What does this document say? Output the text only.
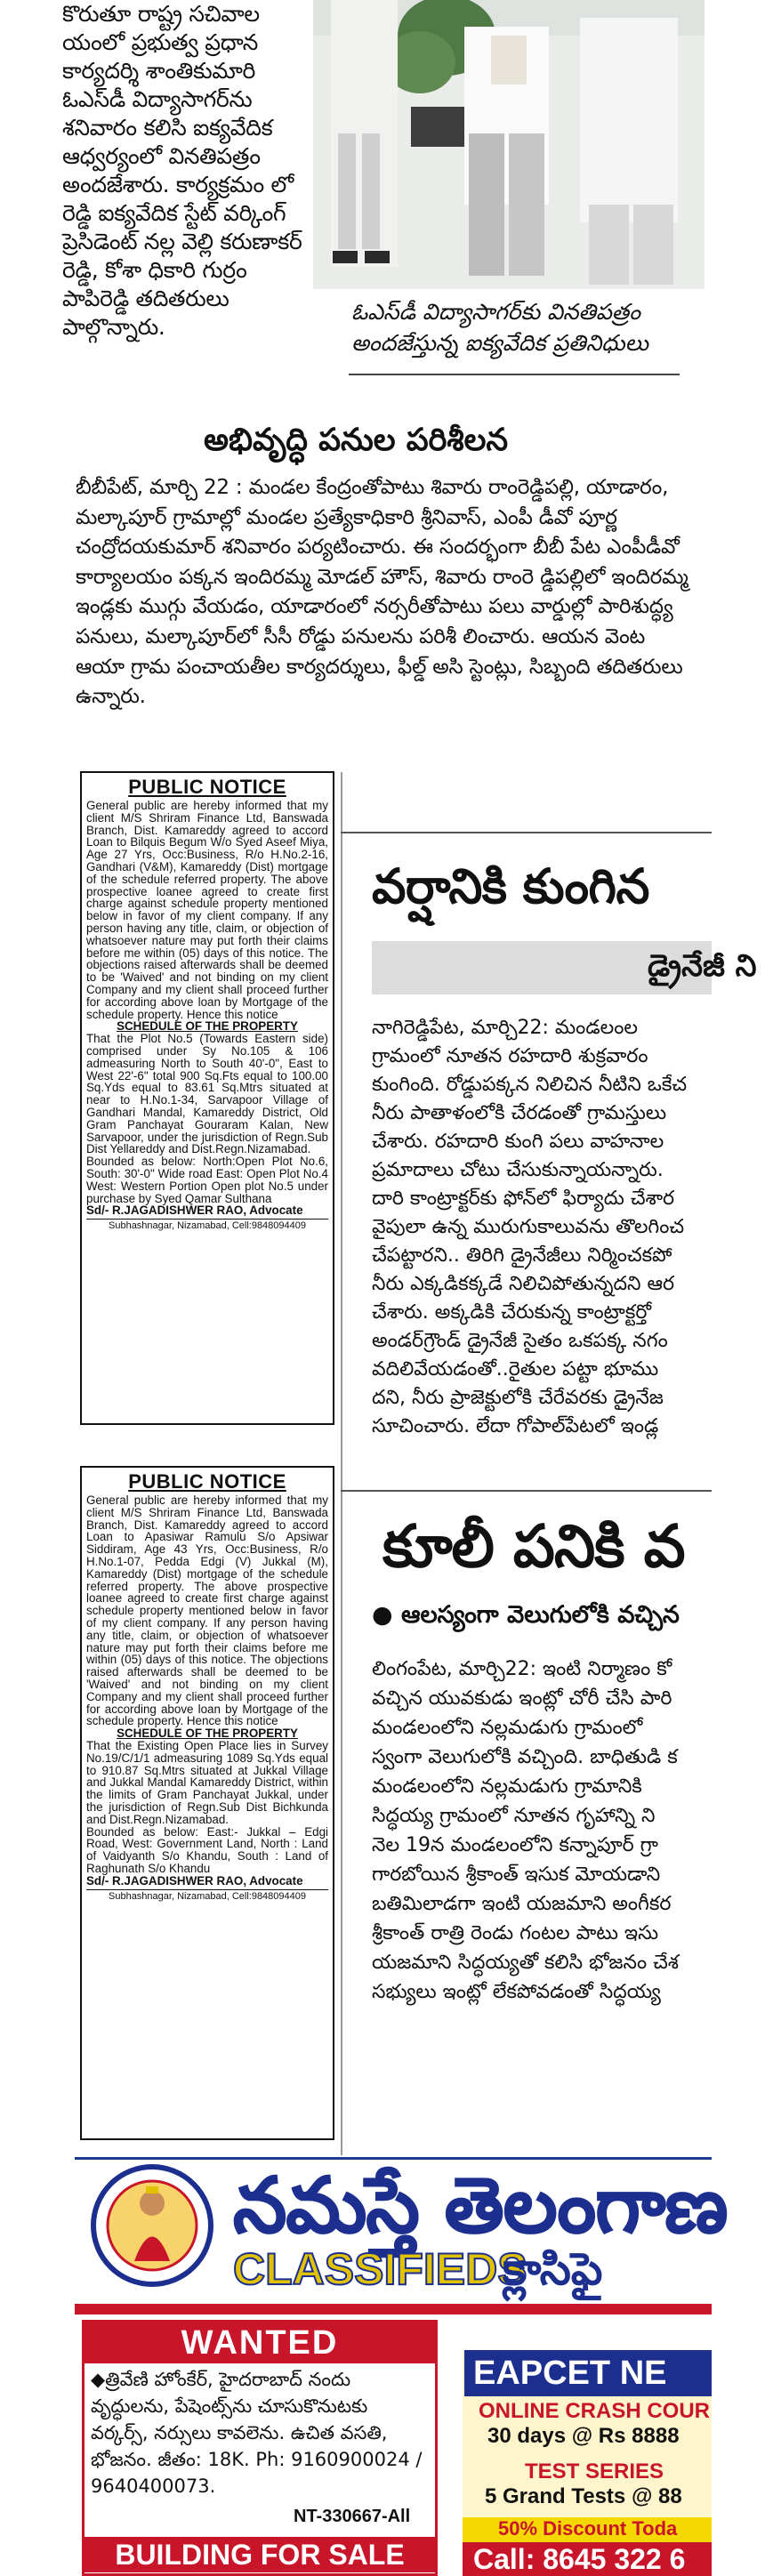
కొరుతూ రాష్ట్ర సచివాల యంలో ప్రభుత్వ ప్రధాన కార్యదర్శి శాంతికుమారి ఓఎస్‌డీ విద్యాసాగర్‌ను శనివారం కలిసి ఐక్యవేదిక ఆధ్వర్యంలో వినతిపత్రం అందజేశారు. కార్యక్రమం లో రెడ్డి ఐక్యవేదిక స్టేట్ వర్కింగ్ ప్రెసిడెంట్ నల్ల వెల్లి కరుణాకర్ రెడ్డి, కోశా ధికారి గుర్రం పాపిరెడ్డి తదితరులు పాల్గొన్నారు.
ఓఎస్‌డీ విద్యాసాగర్‌కు వినతిపత్రం అందజేస్తున్న ఐక్యవేదిక ప్రతినిధులు
అభివృద్ధి పనుల పరిశీలన
బీబీపేట్, మార్చి 22 : మండల కేంద్రంతోపాటు శివారు రాంరెడ్డిపల్లి, యాడారం, మల్కాపూర్ గ్రామాల్లో మండల ప్రత్యేకాధికారి శ్రీనివాస్, ఎంపీ డీవో పూర్ణ చంద్రోదయకుమార్ శనివారం పర్యటించారు. ఈ సందర్భంగా బీబీ పేట ఎంపీడీవో కార్యాలయం పక్కన ఇందిరమ్మ మోడల్ హౌస్, శివారు రాంరె డ్డిపల్లిలో ఇందిరమ్మ ఇండ్లకు ముగ్గు వేయడం, యాడారంలో నర్సరీతోపాటు పలు వార్డుల్లో పారిశుద్ధ్య పనులు, మల్కాపూర్‌లో సీసీ రోడ్డు పనులను పరిశీ లించారు. ఆయన వెంట ఆయా గ్రామ పంచాయతీల కార్యదర్శులు, ఫీల్డ్ అసి స్టెంట్లు, సిబ్బంది తదితరులు ఉన్నారు.
PUBLIC NOTICE
General public are hereby informed that my client M/S Shriram Finance Ltd, Banswada Branch, Dist. Kamareddy agreed to accord Loan to Bilquis Begum W/o Syed Aseef Miya, Age 27 Yrs, Occ:Business, R/o H.No.2-16, Gandhari (V&M), Kamareddy (Dist) mortgage of the schedule referred property. The above prospective loanee agreed to create first charge against schedule property mentioned below in favor of my client company. If any person having any title, claim, or objection of whatsoever nature may put forth their claims before me within (05) days of this notice. The objections raised afterwards shall be deemed to be 'Waived' and not binding on my client Company and my client shall proceed further for according above loan by Mortgage of the schedule property. Hence this notice
SCHEDULE OF THE PROPERTY
That the Plot No.5 (Towards Eastern side) comprised under Sy No.105 & 106 admeasuring North to South 40'-0", East to West 22'-6" total 900 Sq.Fts equal to 100.00 Sq.Yds equal to 83.61 Sq.Mtrs situated at near to H.No.1-34, Sarvapoor Village of Gandhari Mandal, Kamareddy District, Old Gram Panchayat Gouraram Kalan, New Sarvapoor, under the jurisdiction of Regn.Sub Dist Yellareddy and Dist.Regn.Nizamabad.
Bounded as below: North:Open Plot No.6, South: 30'-0" Wide road East: Open Plot No.4 West: Western Portion Open plot No.5 under purchase by Syed Qamar Sulthana
Sd/- R.JAGADISHWER RAO, Advocate
Subhashnagar, Nizamabad, Cell:9848094409
PUBLIC NOTICE
General public are hereby informed that my client M/S Shriram Finance Ltd, Banswada Branch, Dist. Kamareddy agreed to accord Loan to Apasiwar Ramulu S/o Apsiwar Siddiram, Age 43 Yrs, Occ:Business, R/o H.No.1-07, Pedda Edgi (V) Jukkal (M), Kamareddy (Dist) mortgage of the schedule referred property. The above prospective loanee agreed to create first charge against schedule property mentioned below in favor of my client company. If any person having any title, claim, or objection of whatsoever nature may put forth their claims before me within (05) days of this notice. The objections raised afterwards shall be deemed to be 'Waived' and not binding on my client Company and my client shall proceed further for according above loan by Mortgage of the schedule property. Hence this notice
SCHEDULE OF THE PROPERTY
That the Existing Open Place lies in Survey No.19/C/1/1 admeasuring 1089 Sq.Yds equal to 910.87 Sq.Mtrs situated at Jukkal Village and Jukkal Mandal Kamareddy District, within the limits of Gram Panchayat Jukkal, under the jurisdiction of Regn.Sub Dist Bichkunda and Dist.Regn.Nizamabad.
Bounded as below: East:- Jukkal – Edgi Road, West: Government Land, North : Land of Vaidyanth S/o Khandu, South : Land of Raghunath S/o Khandu
Sd/- R.JAGADISHWER RAO, Advocate
Subhashnagar, Nizamabad, Cell:9848094409
వర్షానికి కుంగిన
డ్రైనేజీ ని
నాగిరెడ్డిపేట, మార్చి22: మండలంల
గ్రామంలో నూతన రహదారి శుక్రవారం
కుంగింది. రోడ్డుపక్కన నిలిచిన నీటిని ఒకేచ
నీరు పాతాళంలోకి చేరడంతో గ్రామస్తులు
చేశారు. రహదారి కుంగి పలు వాహనాల
ప్రమాదాలు చోటు చేసుకున్నాయన్నారు.
దారి కాంట్రాక్టర్‌కు ఫోన్‌లో ఫిర్యాదు చేశార
వైపులా ఉన్న మురుగుకాలువను తొలగించ
చేపట్టారని.. తిరిగి డ్రైనేజీలు నిర్మించకపో
నీరు ఎక్కడికక్కడే నిలిచిపోతున్నదని ఆర
చేశారు. అక్కడికి చేరుకున్న కాంట్రాక్టర్తో
అండర్‌గ్రౌండ్ డ్రైనేజీ సైతం ఒకపక్క నగం
వదిలివేయడంతో..రైతుల పట్టా భూము
దని, నీరు ప్రాజెక్టులోకి చేరేవరకు డ్రైనేజ
సూచించారు. లేదా గోపాల్‌పేటలో ఇండ్ల
కూలీ పనికి వ
● ఆలస్యంగా వెలుగులోకి వచ్చిన
లింగంపేట, మార్చి22: ఇంటి నిర్మాణం కో
వచ్చిన యువకుడు ఇంట్లో చోరీ చేసి పారి
మండలంలోని నల్లమడుగు గ్రామంలో
స్వంగా వెలుగులోకి వచ్చింది. బాధితుడి క
మండలంలోని నల్లమడుగు గ్రామానికి
సిద్ధయ్య గ్రామంలో నూతన గృహాన్ని ని
నెల 19న మండలంలోని కన్నాపూర్ గ్రా
గారబోయిన శ్రీకాంత్ ఇసుక మోయడాని
బతిమిలాడగా ఇంటి యజమాని అంగీకర
శ్రీకాంత్ రాత్రి రెండు గంటల పాటు ఇసు
యజమాని సిద్ధయ్యతో కలిసి భోజనం చేశ
సభ్యులు ఇంట్లో లేకపోవడంతో సిద్ధయ్య
నమస్తే తెలంగాణ
CLASSIFIEDS
క్లాసిఫై
WANTED
◆త్రివేణి హోంకేర్, హైదరాబాద్ నందు వృద్ధులను, పేషెంట్స్‌ను చూసుకొనుటకు వర్కర్స్, నర్సులు కావలెను. ఉచిత వసతి, భోజనం. జీతం: 18K. Ph: 9160900024 / 9640400073.
NT-330667-All
BUILDING FOR SALE
EAPCET NE
ONLINE CRASH COUR
30 days @ Rs 8888
TEST SERIES
5 Grand Tests @ 88
50% Discount Toda
Call: 8645 322 6
